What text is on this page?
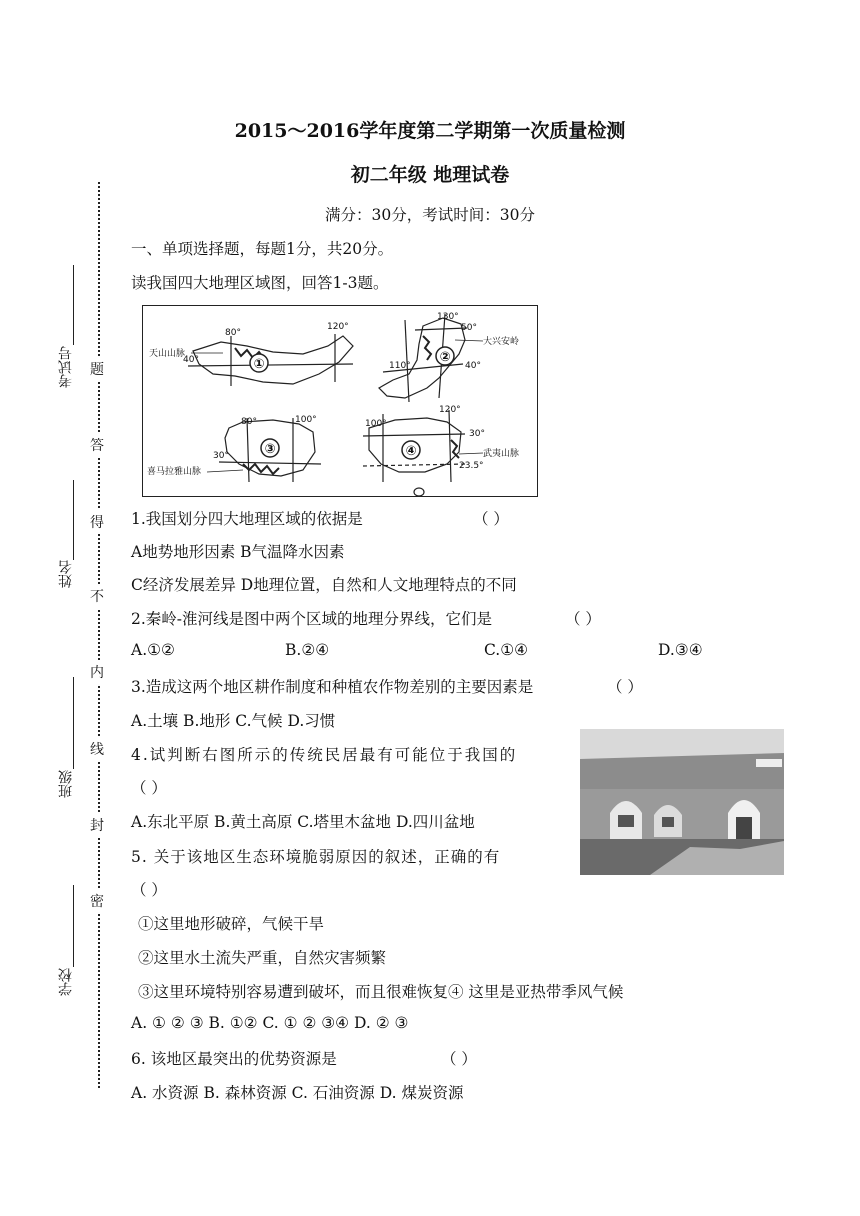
2015～2016学年度第二学期第一次质量检测
初二年级 地理试卷
满分：30分，考试时间：30分
题
答
得
不
内
线
封
密
考试号
姓名
班级
学校
一、单项选择题，每题1分，共20分。
读我国四大地理区域图，回答1-3题。
①
80°
120°
40°
天山山脉	②
130°
50°
110°	40°
大兴安岭
③
80°	100°
30°
喜马拉雅山脉
④
120°
100°
30°
23.5°
武夷山脉
1.我国划分四大地理区域的依据是	（ ）
A地势地形因素 B气温降水因素
C经济发展差异 D地理位置，自然和人文地理特点的不同
2.秦岭-淮河线是图中两个区域的地理分界线，它们是	（ ）
A.①②	B.②④	C.①④	D.③④
3.造成这两个地区耕作制度和种植农作物差别的主要因素是	（ ）
A.土壤 B.地形 C.气候 D.习惯
4.试判断右图所示的传统民居最有可能位于我国的
（ ）
A.东北平原 B.黄土高原 C.塔里木盆地 D.四川盆地
5. 关于该地区生态环境脆弱原因的叙述，正确的有
（ ）
①这里地形破碎，气候干旱
②这里水土流失严重，自然灾害频繁
③这里环境特别容易遭到破坏，而且很难恢复④ 这里是亚热带季风气候
A. ① ② ③ B. ①② C. ① ② ③④ D. ② ③
6. 该地区最突出的优势资源是	（ ）
A. 水资源 B. 森林资源 C. 石油资源 D. 煤炭资源
